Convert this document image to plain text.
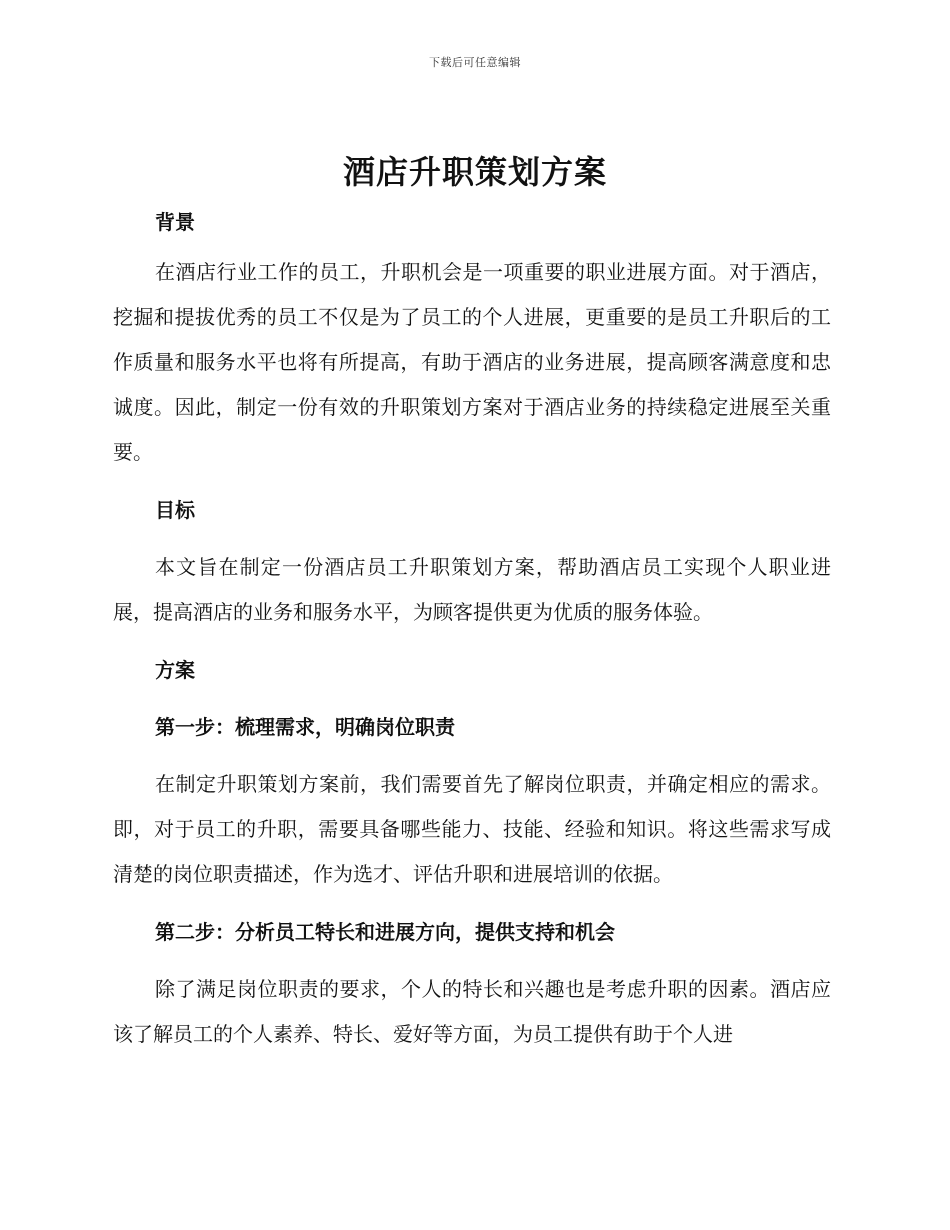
下载后可任意编辑
酒店升职策划方案
背景

在酒店行业工作的员工，升职机会是一项重要的职业进展方面。对于酒店，挖掘和提拔优秀的员工不仅是为了员工的个人进展，更重要的是员工升职后的工作质量和服务水平也将有所提高，有助于酒店的业务进展，提高顾客满意度和忠诚度。因此，制定一份有效的升职策划方案对于酒店业务的持续稳定进展至关重要。

目标

本文旨在制定一份酒店员工升职策划方案，帮助酒店员工实现个人职业进展，提高酒店的业务和服务水平，为顾客提供更为优质的服务体验。

方案
第一步：梳理需求，明确岗位职责

在制定升职策划方案前，我们需要首先了解岗位职责，并确定相应的需求。即，对于员工的升职，需要具备哪些能力、技能、经验和知识。将这些需求写成清楚的岗位职责描述，作为选才、评估升职和进展培训的依据。

第二步：分析员工特长和进展方向，提供支持和机会

除了满足岗位职责的要求，个人的特长和兴趣也是考虑升职的因素。酒店应该了解员工的个人素养、特长、爱好等方面，为员工提供有助于个人进
